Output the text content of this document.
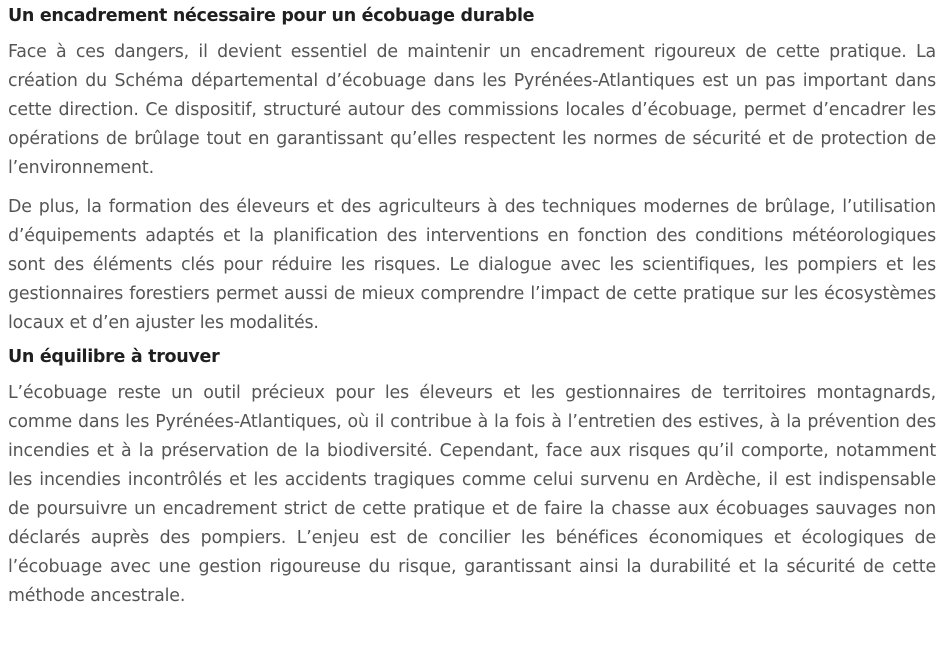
Un encadrement nécessaire pour un écobuage durable

Face à ces dangers, il devient essentiel de maintenir un encadrement rigoureux de cette pratique. La création du Schéma départemental d’écobuage dans les Pyrénées-Atlantiques est un pas important dans cette direction. Ce dispositif, structuré autour des commissions locales d’écobuage, permet d’encadrer les opérations de brûlage tout en garantissant qu’elles respectent les normes de sécurité et de protection de l’environnement.

De plus, la formation des éleveurs et des agriculteurs à des techniques modernes de brûlage, l’utilisation d’équipements adaptés et la planification des interventions en fonction des conditions météorologiques sont des éléments clés pour réduire les risques. Le dialogue avec les scientifiques, les pompiers et les gestionnaires forestiers permet aussi de mieux comprendre l’impact de cette pratique sur les écosystèmes locaux et d’en ajuster les modalités.

Un équilibre à trouver

L’écobuage reste un outil précieux pour les éleveurs et les gestionnaires de territoires montagnards, comme dans les Pyrénées-Atlantiques, où il contribue à la fois à l’entretien des estives, à la prévention des incendies et à la préservation de la biodiversité. Cependant, face aux risques qu’il comporte, notamment les incendies incontrôlés et les accidents tragiques comme celui survenu en Ardèche, il est indispensable de poursuivre un encadrement strict de cette pratique et de faire la chasse aux écobuages sauvages non déclarés auprès des pompiers. L’enjeu est de concilier les bénéfices économiques et écologiques de l’écobuage avec une gestion rigoureuse du risque, garantissant ainsi la durabilité et la sécurité de cette méthode ancestrale.
